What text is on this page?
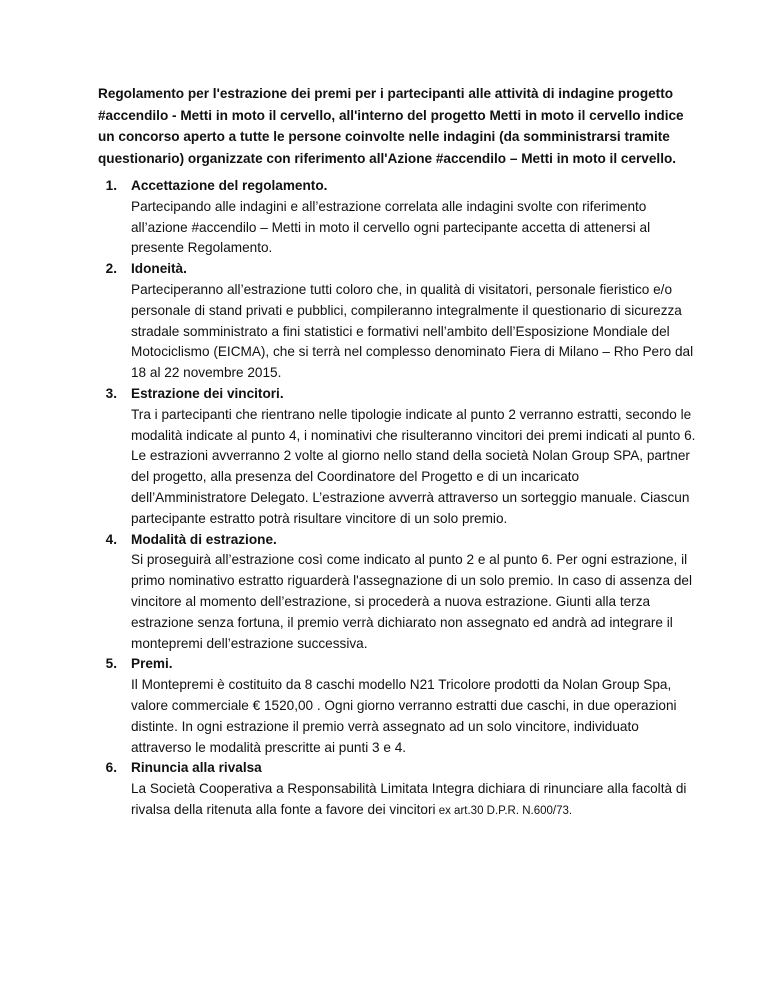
Regolamento per l'estrazione dei premi per i partecipanti alle attività di indagine progetto #accendilo - Metti in moto il cervello, all'interno del progetto Metti in moto il cervello indice un concorso aperto a tutte le persone coinvolte nelle indagini (da somministrarsi tramite questionario) organizzate con riferimento all'Azione #accendilo – Metti in moto il cervello.

1. Accettazione del regolamento.
Partecipando alle indagini e all’estrazione correlata alle indagini svolte con riferimento all’azione #accendilo – Metti in moto il cervello ogni partecipante accetta di attenersi al presente Regolamento.
2. Idoneità.
Parteciperanno all’estrazione tutti coloro che, in qualità di visitatori, personale fieristico e/o personale di stand privati e pubblici, compileranno integralmente il questionario di sicurezza stradale somministrato a fini statistici e formativi nell’ambito dell’Esposizione Mondiale del Motociclismo (EICMA), che si terrà nel complesso denominato Fiera di Milano – Rho Pero dal 18 al 22 novembre 2015.
3. Estrazione dei vincitori.
Tra i partecipanti che rientrano nelle tipologie indicate al punto 2 verranno estratti, secondo le modalità indicate al punto 4, i nominativi che risulteranno vincitori dei premi indicati al punto 6. Le estrazioni avverranno 2 volte al giorno nello stand della società Nolan Group SPA, partner del progetto, alla presenza del Coordinatore del Progetto e di un incaricato dell’Amministratore Delegato. L’estrazione avverrà attraverso un sorteggio manuale. Ciascun partecipante estratto potrà risultare vincitore di un solo premio.
4. Modalità di estrazione.
Si proseguirà all’estrazione così come indicato al punto 2 e al punto 6. Per ogni estrazione, il primo nominativo estratto riguarderà l'assegnazione di un solo premio. In caso di assenza del vincitore al momento dell’estrazione, si procederà a nuova estrazione. Giunti alla terza estrazione senza fortuna, il premio verrà dichiarato non assegnato ed andrà ad integrare il montepremi dell’estrazione successiva.
5. Premi.
Il Montepremi è costituito da 8 caschi modello N21 Tricolore prodotti da Nolan Group Spa, valore commerciale € 1520,00 . Ogni giorno verranno estratti due caschi, in due operazioni distinte. In ogni estrazione il premio verrà assegnato ad un solo vincitore, individuato attraverso le modalità prescritte ai punti 3 e 4.
6. Rinuncia alla rivalsa
La Società Cooperativa a Responsabilità Limitata Integra dichiara di rinunciare alla facoltà di rivalsa della ritenuta alla fonte a favore dei vincitori ex art.30 D.P.R. N.600/73.
